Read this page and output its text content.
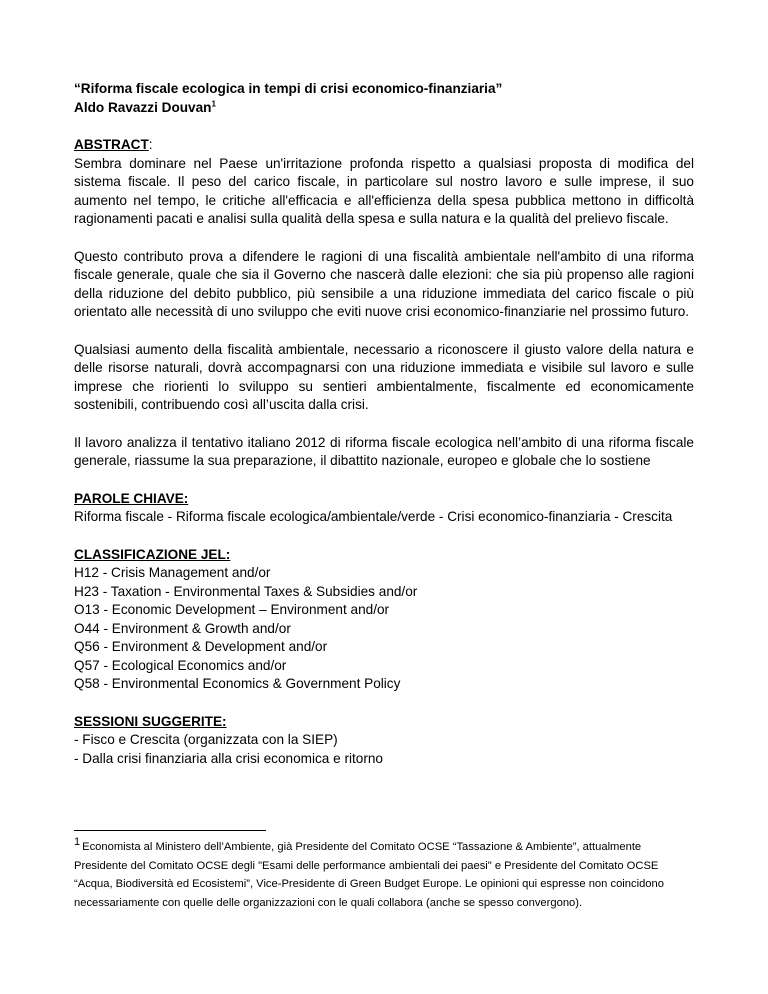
“Riforma fiscale ecologica in tempi di crisi economico-finanziaria”

Aldo Ravazzi Douvan$^1$

ABSTRACT:

Sembra dominare nel Paese un'irritazione profonda rispetto a qualsiasi proposta di modifica del sistema fiscale. Il peso del carico fiscale, in particolare sul nostro lavoro e sulle imprese, il suo aumento nel tempo, le critiche all'efficacia e all'efficienza della spesa pubblica mettono in difficoltà ragionamenti pacati e analisi sulla qualità della spesa e sulla natura e la qualità del prelievo fiscale.

Questo contributo prova a difendere le ragioni di una fiscalità ambientale nell'ambito di una riforma fiscale generale, quale che sia il Governo che nascerà dalle elezioni: che sia più propenso alle ragioni della riduzione del debito pubblico, più sensibile a una riduzione immediata del carico fiscale o più orientato alle necessità di uno sviluppo che eviti nuove crisi economico-finanziarie nel prossimo futuro.

Qualsiasi aumento della fiscalità ambientale, necessario a riconoscere il giusto valore della natura e delle risorse naturali, dovrà accompagnarsi con una riduzione immediata e visibile sul lavoro e sulle imprese che riorienti lo sviluppo su sentieri ambientalmente, fiscalmente ed economicamente sostenibili, contribuendo così all’uscita dalla crisi.

Il lavoro analizza il tentativo italiano 2012 di riforma fiscale ecologica nell’ambito di una riforma fiscale generale, riassume la sua preparazione, il dibattito nazionale, europeo e globale che lo sostiene

PAROLE CHIAVE:

Riforma fiscale - Riforma fiscale ecologica/ambientale/verde - Crisi economico-finanziaria - Crescita

CLASSIFICAZIONE JEL:

H12 - Crisis Management and/or
H23 - Taxation - Environmental Taxes & Subsidies and/or
O13 - Economic Development – Environment and/or
O44 - Environment & Growth and/or
Q56 - Environment & Development and/or
Q57 - Ecological Economics and/or
Q58 - Environmental Economics & Government Policy

SESSIONI SUGGERITE:

- Fisco e Crescita (organizzata con la SIEP)
- Dalla crisi finanziaria alla crisi economica e ritorno
1 Economista al Ministero dell’Ambiente, già Presidente del Comitato OCSE “Tassazione & Ambiente”, attualmente Presidente del Comitato OCSE degli "Esami delle performance ambientali dei paesi" e Presidente del Comitato OCSE “Acqua, Biodiversità ed Ecosistemi”, Vice-Presidente di Green Budget Europe. Le opinioni qui espresse non coincidono necessariamente con quelle delle organizzazioni con le quali collabora (anche se spesso convergono).
